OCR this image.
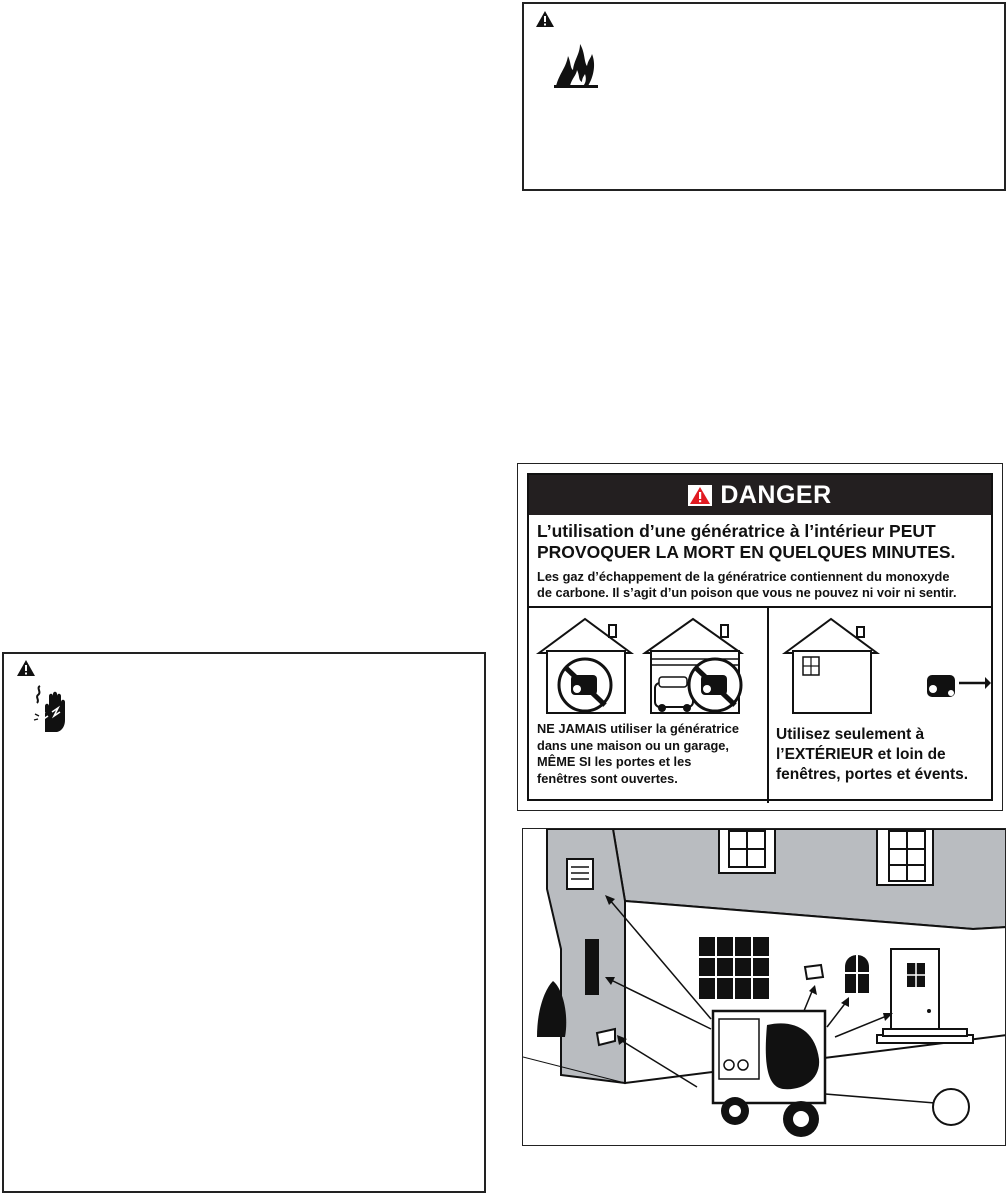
DANGER
L’utilisation d’une génératrice à l’intérieur PEUT
PROVOQUER LA MORT EN QUELQUES MINUTES.
Les gaz d’échappement de la génératrice contiennent du monoxyde
de carbone. Il s’agit d’un poison que vous ne pouvez ni voir ni sentir.
NE JAMAIS utiliser la génératrice
dans une maison ou un garage,
MÊME SI les portes et les
fenêtres sont ouvertes.
Utilisez seulement à
l’EXTÉRIEUR et loin de
fenêtres, portes et évents.
